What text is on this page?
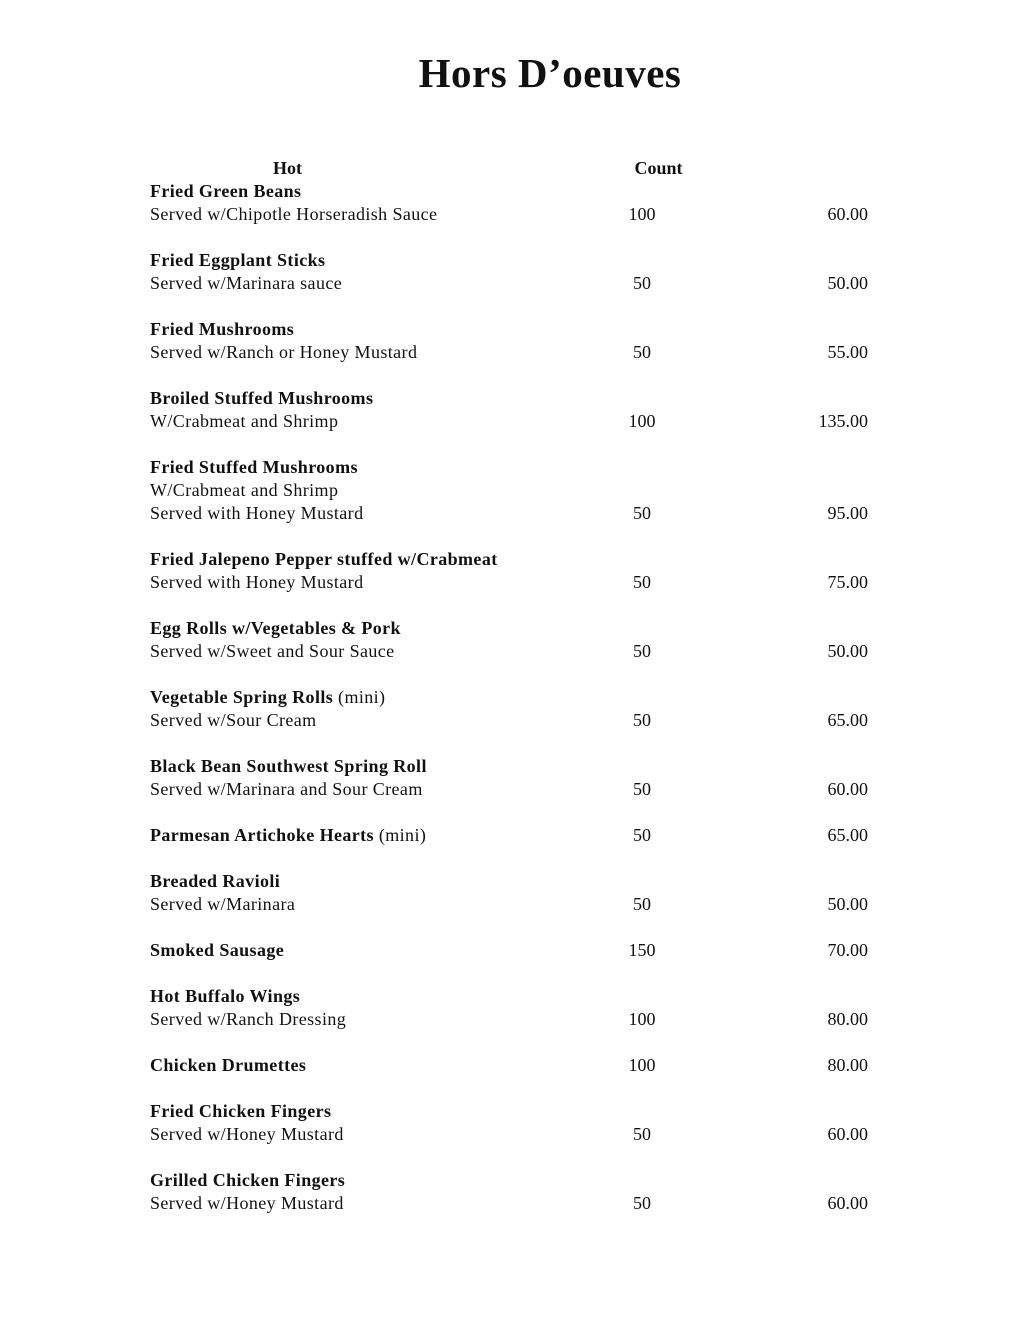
Hors D’oeuves
Hot	Count
Fried Green Beans
Served w/Chipotle Horseradish Sauce	100	60.00
Fried Eggplant Sticks
Served w/Marinara sauce	50	50.00
Fried Mushrooms
Served w/Ranch or Honey Mustard	50	55.00
Broiled Stuffed Mushrooms
W/Crabmeat and Shrimp	100	135.00
Fried Stuffed Mushrooms
W/Crabmeat and Shrimp
Served with Honey Mustard	50	95.00
Fried Jalepeno Pepper stuffed w/Crabmeat
Served with Honey Mustard	50	75.00
Egg Rolls w/Vegetables & Pork
Served w/Sweet and Sour Sauce	50	50.00
Vegetable Spring Rolls (mini)
Served w/Sour Cream	50	65.00
Black Bean Southwest Spring Roll
Served w/Marinara and Sour Cream	50	60.00
Parmesan Artichoke Hearts (mini)	50	65.00
Breaded Ravioli
Served w/Marinara	50	50.00
Smoked Sausage	150	70.00
Hot Buffalo Wings
Served w/Ranch Dressing	100	80.00
Chicken Drumettes	100	80.00
Fried Chicken Fingers
Served w/Honey Mustard	50	60.00
Grilled Chicken Fingers
Served w/Honey Mustard	50	60.00
